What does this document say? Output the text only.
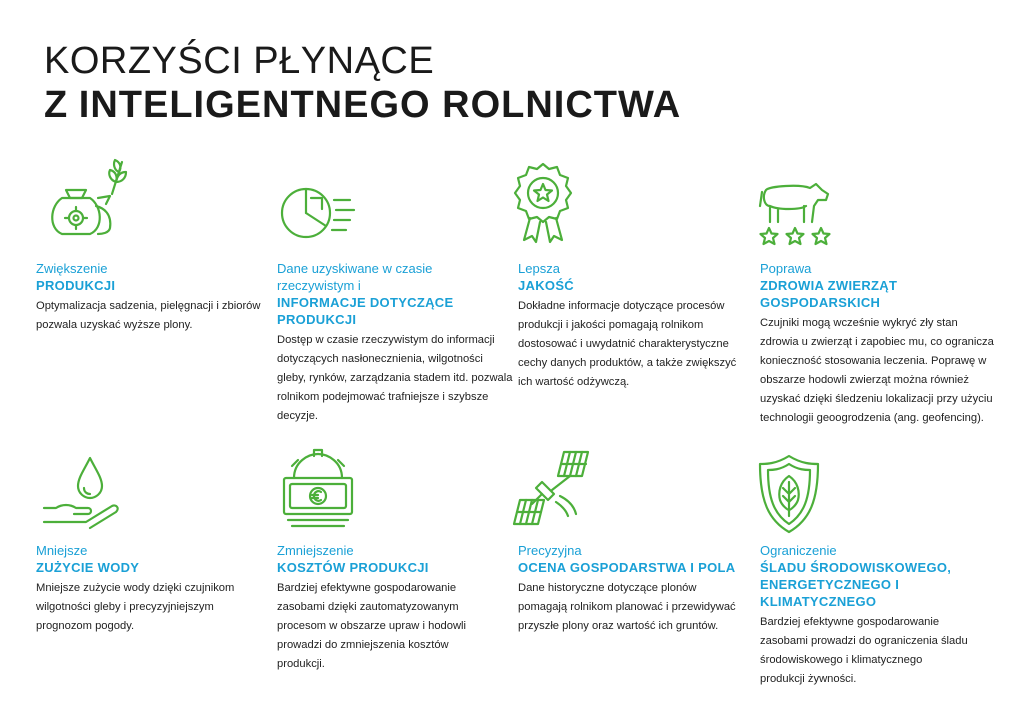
KORZYŚCI PŁYNĄCE
Z INTELIGENTNEGO ROLNICTWA
Zwiększenie
PRODUKCJI
Optymalizacja sadzenia, pielęgnacji i zbiorów pozwala uzyskać wyższe plony.
Dane uzyskiwane w czasie rzeczywistym i
INFORMACJE DOTYCZĄCE PRODUKCJI
Dostęp w czasie rzeczywistym do informacji dotyczących nasłonecznienia, wilgotności gleby, rynków, zarządzania stadem itd. pozwala rolnikom podejmować trafniejsze i szybsze decyzje.
Lepsza
JAKOŚĆ
Dokładne informacje dotyczące procesów produkcji i jakości pomagają rolnikom dostosować i uwydatnić charakterystyczne cechy danych produktów, a także zwiększyć ich wartość odżywczą.
Poprawa
ZDROWIA ZWIERZĄT GOSPODARSKICH
Czujniki mogą wcześnie wykryć zły stan zdrowia u zwierząt i zapobiec mu, co ogranicza konieczność stosowania leczenia. Poprawę w obszarze hodowli zwierząt można również uzyskać dzięki śledzeniu lokalizacji przy użyciu technologii geoogrodzenia (ang. geofencing).
Mniejsze
ZUŻYCIE WODY
Mniejsze zużycie wody dzięki czujnikom wilgotności gleby i precyzyjniejszym prognozom pogody.
Zmniejszenie
KOSZTÓW PRODUKCJI
Bardziej efektywne gospodarowanie zasobami dzięki zautomatyzowanym procesom w obszarze upraw i hodowli prowadzi do zmniejszenia kosztów produkcji.
Precyzyjna
OCENA GOSPODARSTWA I POLA
Dane historyczne dotyczące plonów pomagają rolnikom planować i przewidywać przyszłe plony oraz wartość ich gruntów.
Ograniczenie
ŚLADU ŚRODOWISKOWEGO, ENERGETYCZNEGO I KLIMATYCZNEGO
Bardziej efektywne gospodarowanie zasobami prowadzi do ograniczenia śladu środowiskowego i klimatycznego produkcji żywności.
